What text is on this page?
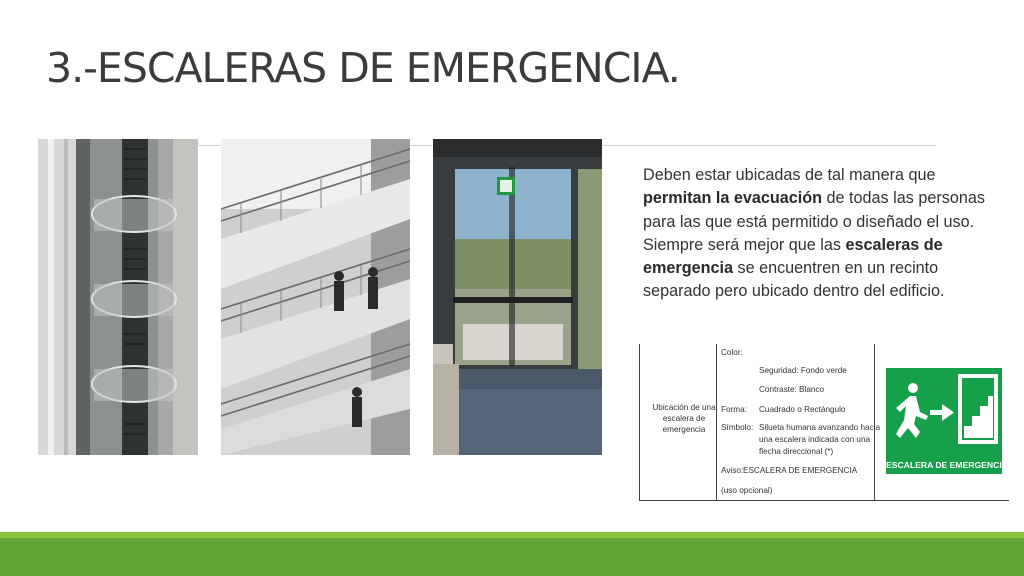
3.-ESCALERAS DE EMERGENCIA.
Deben estar ubicadas de tal manera que permitan la evacuación de todas las personas para las que está permitido o diseñado el uso. Siempre será mejor que las escaleras de emergencia se encuentren en un recinto separado pero ubicado dentro del edificio.
Ubicación de una escalera de emergencia
Color:
Seguridad: Fondo verde
Contraste: Blanco
Forma: Cuadrado o Rectángulo
Símbolo: Silueta humana avanzando hacia
una escalera indicada con una
flecha direccional (*)
Aviso: ESCALERA DE EMERGENCIA
(uso opcional)
ESCALERA DE EMERGENCIA
